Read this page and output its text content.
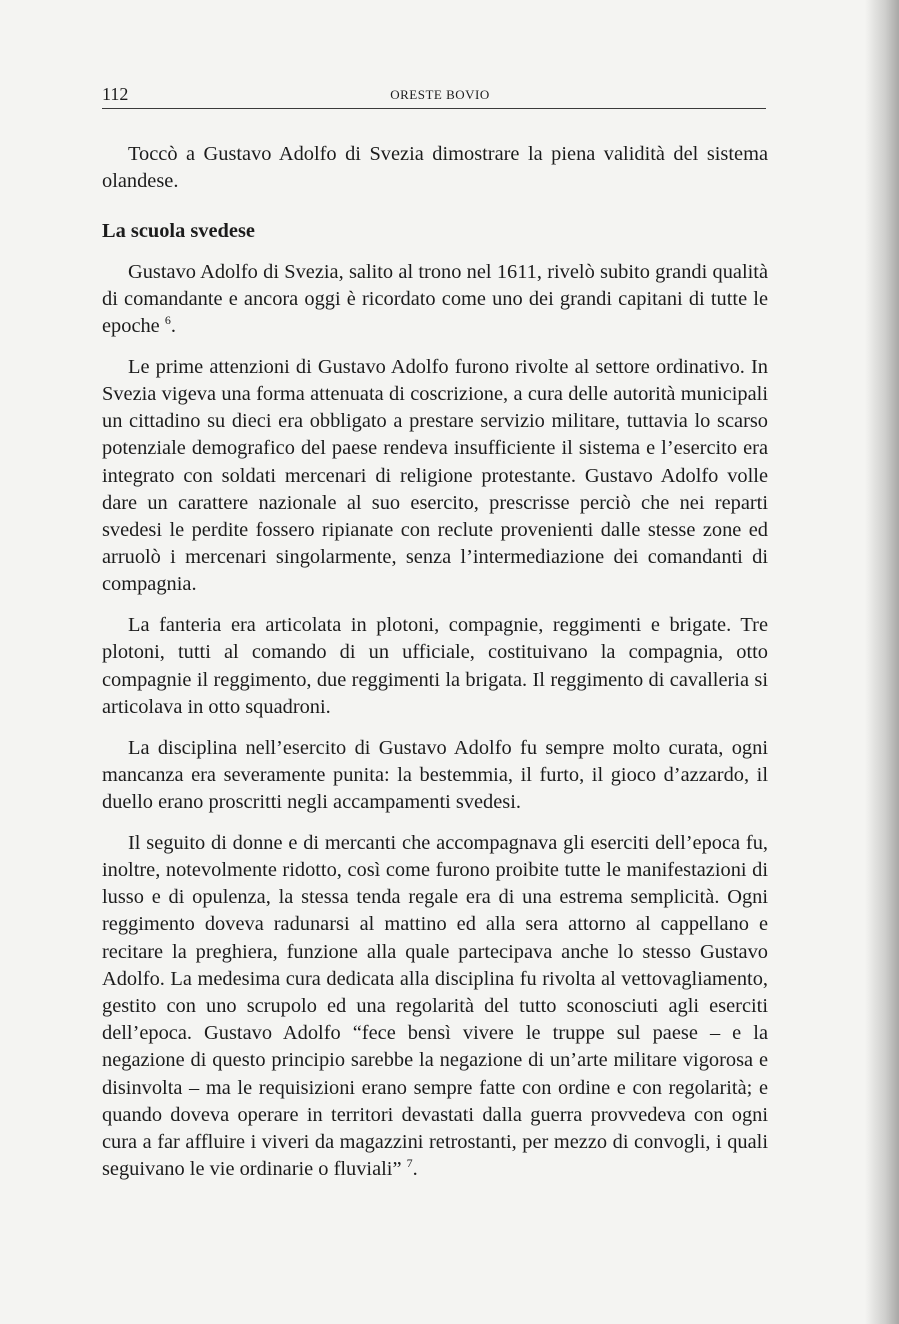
112	ORESTE BOVIO

Toccò a Gustavo Adolfo di Svezia dimostrare la piena validità del sistema olandese.

La scuola svedese

Gustavo Adolfo di Svezia, salito al trono nel 1611, rivelò subito grandi qualità di comandante e ancora oggi è ricordato come uno dei grandi capitani di tutte le epoche $^6$.

Le prime attenzioni di Gustavo Adolfo furono rivolte al settore ordinativo. In Svezia vigeva una forma attenuata di coscrizione, a cura delle autorità municipali un cittadino su dieci era obbligato a prestare servizio militare, tuttavia lo scarso potenziale demografico del paese rendeva insufficiente il sistema e l’esercito era integrato con soldati mercenari di religione protestante. Gustavo Adolfo volle dare un carattere nazionale al suo esercito, prescrisse perciò che nei reparti svedesi le perdite fossero ripianate con reclute provenienti dalle stesse zone ed arruolò i mercenari singolarmente, senza l’intermediazione dei comandanti di compagnia.

La fanteria era articolata in plotoni, compagnie, reggimenti e brigate. Tre plotoni, tutti al comando di un ufficiale, costituivano la compagnia, otto compagnie il reggimento, due reggimenti la brigata. Il reggimento di cavalleria si articolava in otto squadroni.

La disciplina nell’esercito di Gustavo Adolfo fu sempre molto curata, ogni mancanza era severamente punita: la bestemmia, il furto, il gioco d’azzardo, il duello erano proscritti negli accampamenti svedesi.

Il seguito di donne e di mercanti che accompagnava gli eserciti dell’epoca fu, inoltre, notevolmente ridotto, così come furono proibite tutte le manifestazioni di lusso e di opulenza, la stessa tenda regale era di una estrema semplicità. Ogni reggimento doveva radunarsi al mattino ed alla sera attorno al cappellano e recitare la preghiera, funzione alla quale partecipava anche lo stesso Gustavo Adolfo. La medesima cura dedicata alla disciplina fu rivolta al vettovagliamento, gestito con uno scrupolo ed una regolarità del tutto sconosciuti agli eserciti dell’epoca. Gustavo Adolfo “fece bensì vivere le truppe sul paese – e la negazione di questo principio sarebbe la negazione di un’arte militare vigorosa e disinvolta – ma le requisizioni erano sempre fatte con ordine e con regolarità; e quando doveva operare in territori devastati dalla guerra provvedeva con ogni cura a far affluire i viveri da magazzini retrostanti, per mezzo di convogli, i quali seguivano le vie ordinarie o fluviali” $^7$.
